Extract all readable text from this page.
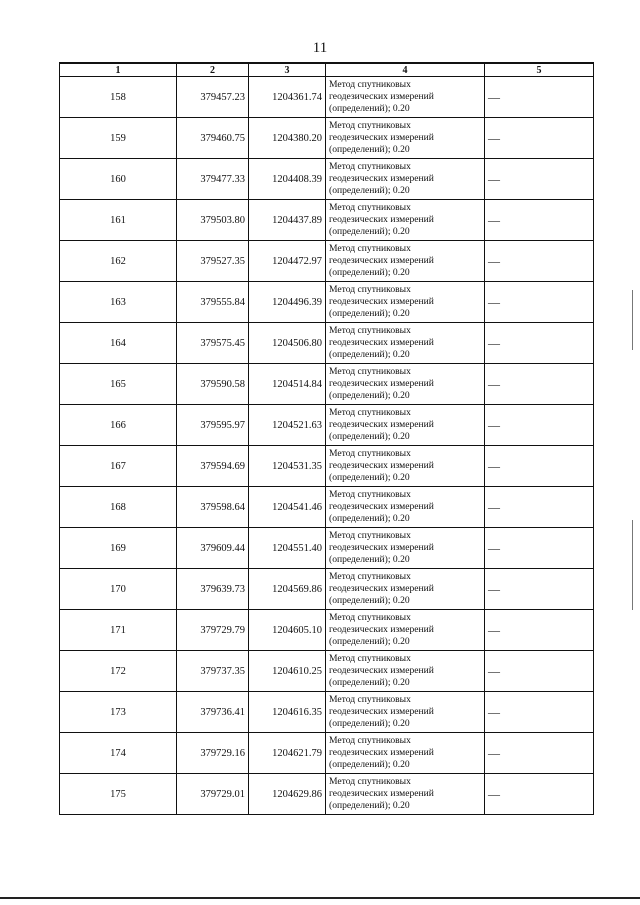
11
1	2	3	4	5
158	379457.23	1204361.74	Метод спутниковых
геодезических измерений
(определений); 0.20	—
159	379460.75	1204380.20	Метод спутниковых
геодезических измерений
(определений); 0.20	—
160	379477.33	1204408.39	Метод спутниковых
геодезических измерений
(определений); 0.20	—
161	379503.80	1204437.89	Метод спутниковых
геодезических измерений
(определений); 0.20	—
162	379527.35	1204472.97	Метод спутниковых
геодезических измерений
(определений); 0.20	—
163	379555.84	1204496.39	Метод спутниковых
геодезических измерений
(определений); 0.20	—
164	379575.45	1204506.80	Метод спутниковых
геодезических измерений
(определений); 0.20	—
165	379590.58	1204514.84	Метод спутниковых
геодезических измерений
(определений); 0.20	—
166	379595.97	1204521.63	Метод спутниковых
геодезических измерений
(определений); 0.20	—
167	379594.69	1204531.35	Метод спутниковых
геодезических измерений
(определений); 0.20	—
168	379598.64	1204541.46	Метод спутниковых
геодезических измерений
(определений); 0.20	—
169	379609.44	1204551.40	Метод спутниковых
геодезических измерений
(определений); 0.20	—
170	379639.73	1204569.86	Метод спутниковых
геодезических измерений
(определений); 0.20	—
171	379729.79	1204605.10	Метод спутниковых
геодезических измерений
(определений); 0.20	—
172	379737.35	1204610.25	Метод спутниковых
геодезических измерений
(определений); 0.20	—
173	379736.41	1204616.35	Метод спутниковых
геодезических измерений
(определений); 0.20	—
174	379729.16	1204621.79	Метод спутниковых
геодезических измерений
(определений); 0.20	—
175	379729.01	1204629.86	Метод спутниковых
геодезических измерений
(определений); 0.20	—
